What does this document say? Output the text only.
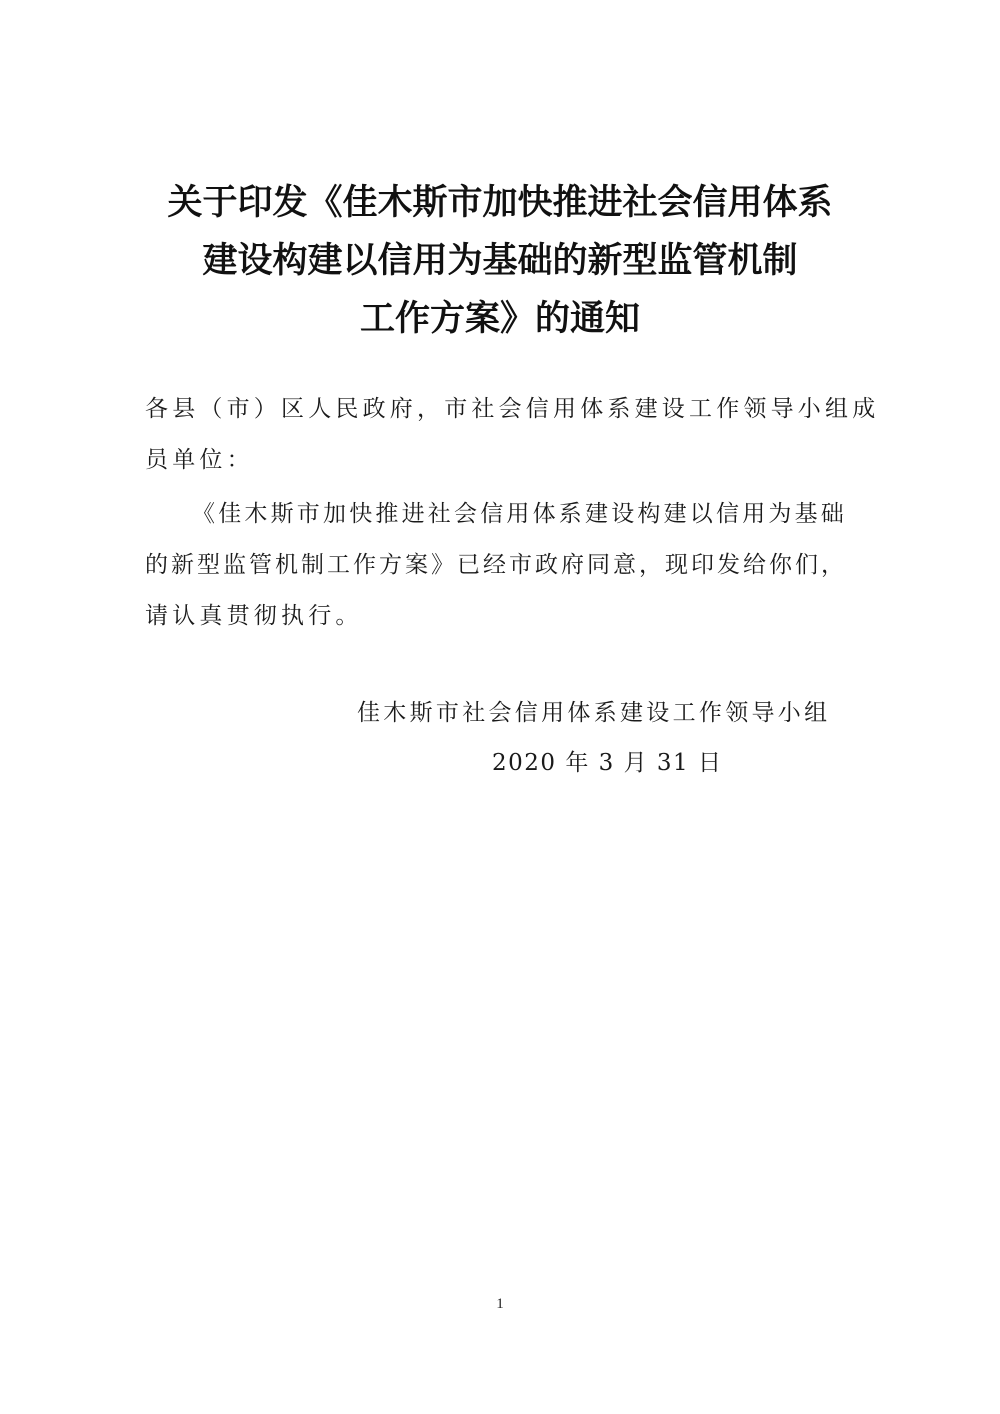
关于印发《佳木斯市加快推进社会信用体系
建设构建以信用为基础的新型监管机制
工作方案》的通知
各县（市）区人民政府，市社会信用体系建设工作领导小组成
员单位：
《佳木斯市加快推进社会信用体系建设构建以信用为基础
的新型监管机制工作方案》已经市政府同意，现印发给你们，
请认真贯彻执行。
佳木斯市社会信用体系建设工作领导小组
2020 年 3 月 31 日
1
